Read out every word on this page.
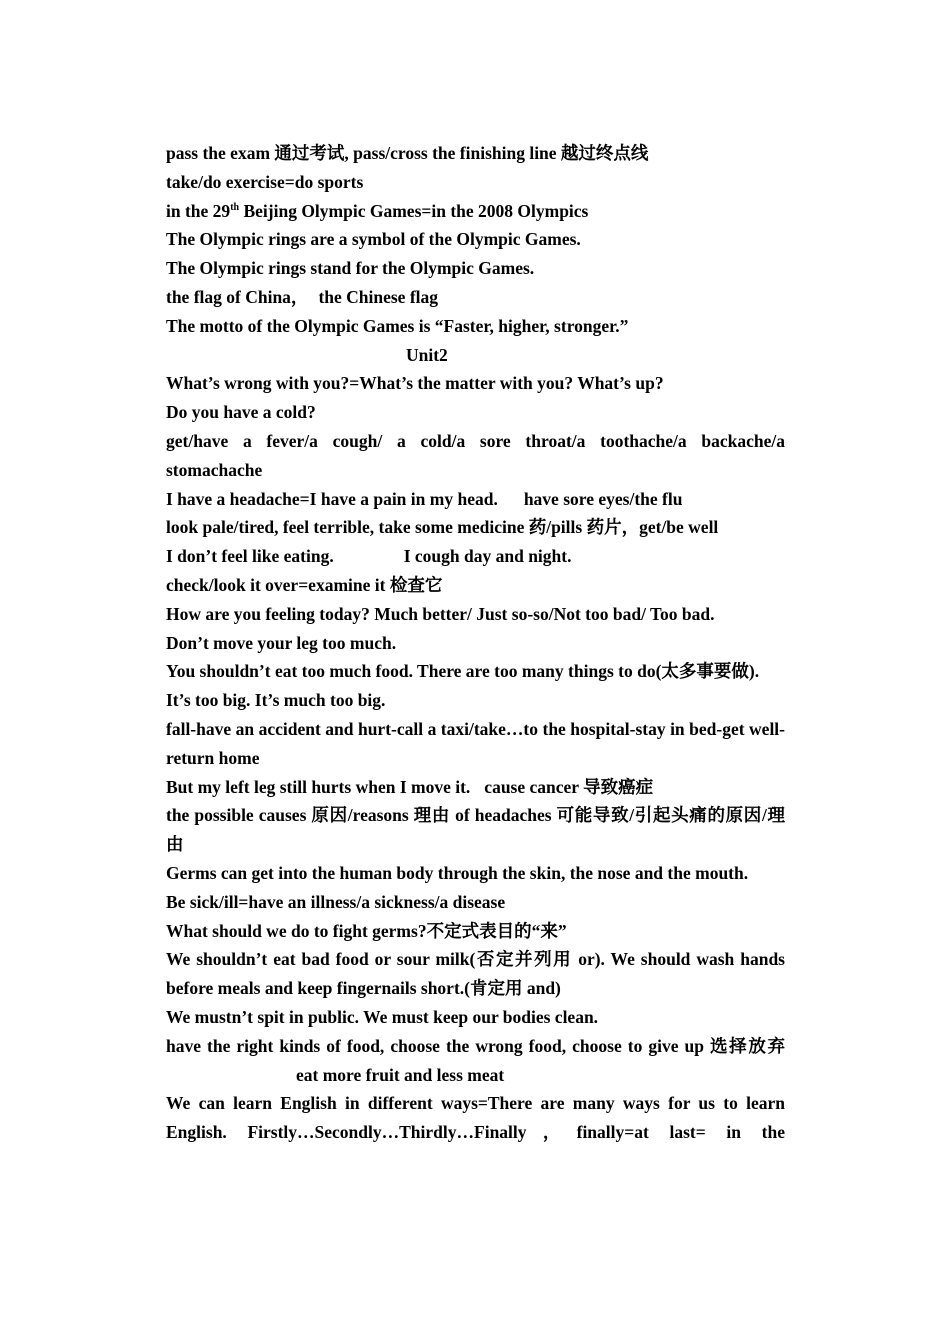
pass the exam 通过考试, pass/cross the finishing line 越过终点线

take/do exercise=do sports

in the 29th Beijing Olympic Games=in the 2008 Olympics

The Olympic rings are a symbol of the Olympic Games.

The Olympic rings stand for the Olympic Games.

the flag of China， the Chinese flag

The motto of the Olympic Games is “Faster, higher, stronger.”

Unit2

What’s wrong with you?=What’s the matter with you? What’s up?

Do you have a cold?

get/have a fever/a cough/ a cold/a sore throat/a toothache/a backache/a stomachache

I have a headache=I have a pain in my head. have sore eyes/the flu

look pale/tired, feel terrible, take some medicine 药/pills 药片，get/be well

I don’t feel like eating.	I cough day and night.

check/look it over=examine it 检查它

How are you feeling today? Much better/ Just so-so/Not too bad/ Too bad.

Don’t move your leg too much.

You shouldn’t eat too much food. There are too many things to do(太多事要做).

It’s too big. It’s much too big.

fall-have an accident and hurt-call a taxi/take…to the hospital-stay in bed-get well-return home

But my left leg still hurts when I move it. cause cancer 导致癌症

the possible causes 原因/reasons 理由 of headaches 可能导致/引起头痛的原因/理由

Germs can get into the human body through the skin, the nose and the mouth.

Be sick/ill=have an illness/a sickness/a disease

What should we do to fight germs?不定式表目的“来”

We shouldn’t eat bad food or sour milk(否定并列用 or). We should wash hands before meals and keep fingernails short.(肯定用 and)

We mustn’t spit in public. We must keep our bodies clean.

have the right kinds of food, choose the wrong food, choose to give up 选择放弃eat more fruit and less meat

We can learn English in different ways=There are many ways for us to learn English. Firstly…Secondly…Thirdly…Finally，finally=at last= in the
